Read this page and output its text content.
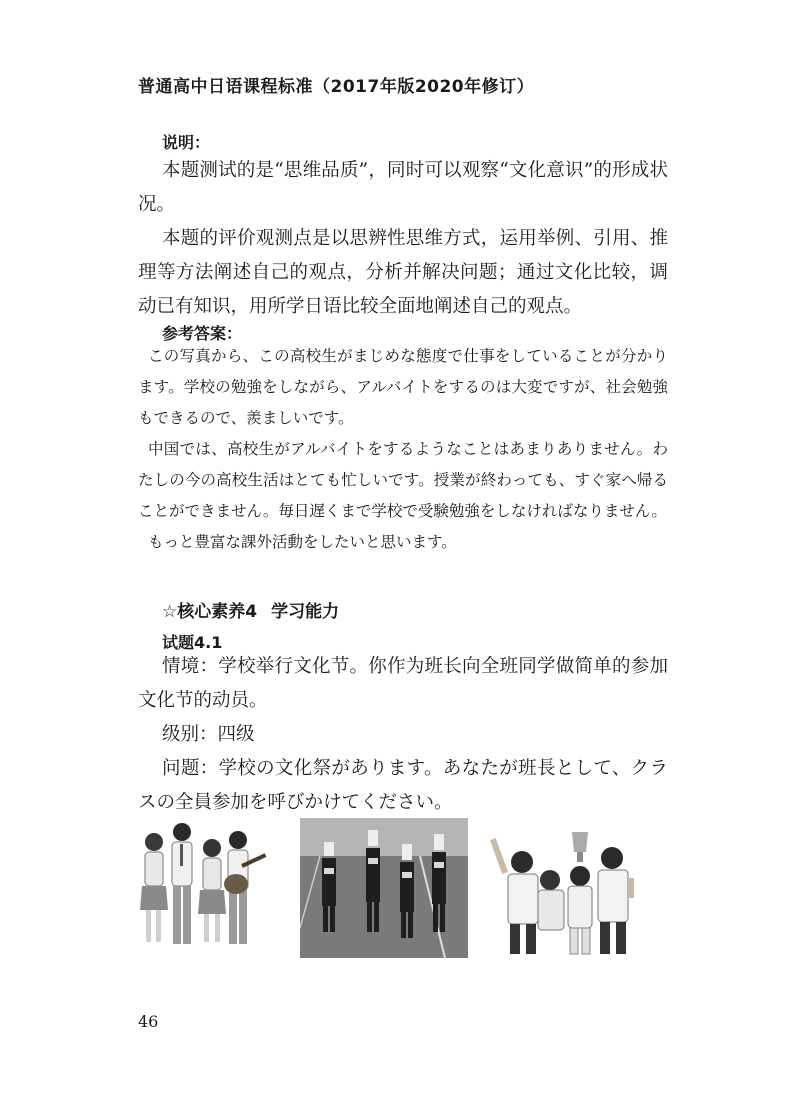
普通高中日语课程标准（2017年版2020年修订）
说明：

本题测试的是“思维品质”，同时可以观察“文化意识”的形成状况。

本题的评价观测点是以思辨性思维方式，运用举例、引用、推理等方法阐述自己的观点，分析并解决问题；通过文化比较，调动已有知识，用所学日语比较全面地阐述自己的观点。

参考答案：

この写真から、この高校生がまじめな態度で仕事をしていることが分かります。学校の勉強をしながら、アルバイトをするのは大変ですが、社会勉強もできるので、羨ましいです。

中国では、高校生がアルバイトをするようなことはあまりありません。わたしの今の高校生活はとても忙しいです。授業が終わっても、すぐ家へ帰ることができません。毎日遅くまで学校で受験勉強をしなければなりません。

もっと豊富な課外活動をしたいと思います。

☆核心素养4 学习能力
试题4.1

情境：学校举行文化节。你作为班长向全班同学做简单的参加文化节的动员。

级别：四级

问题：学校の文化祭があります。あなたが班長として、クラスの全員参加を呼びかけてください。

46
